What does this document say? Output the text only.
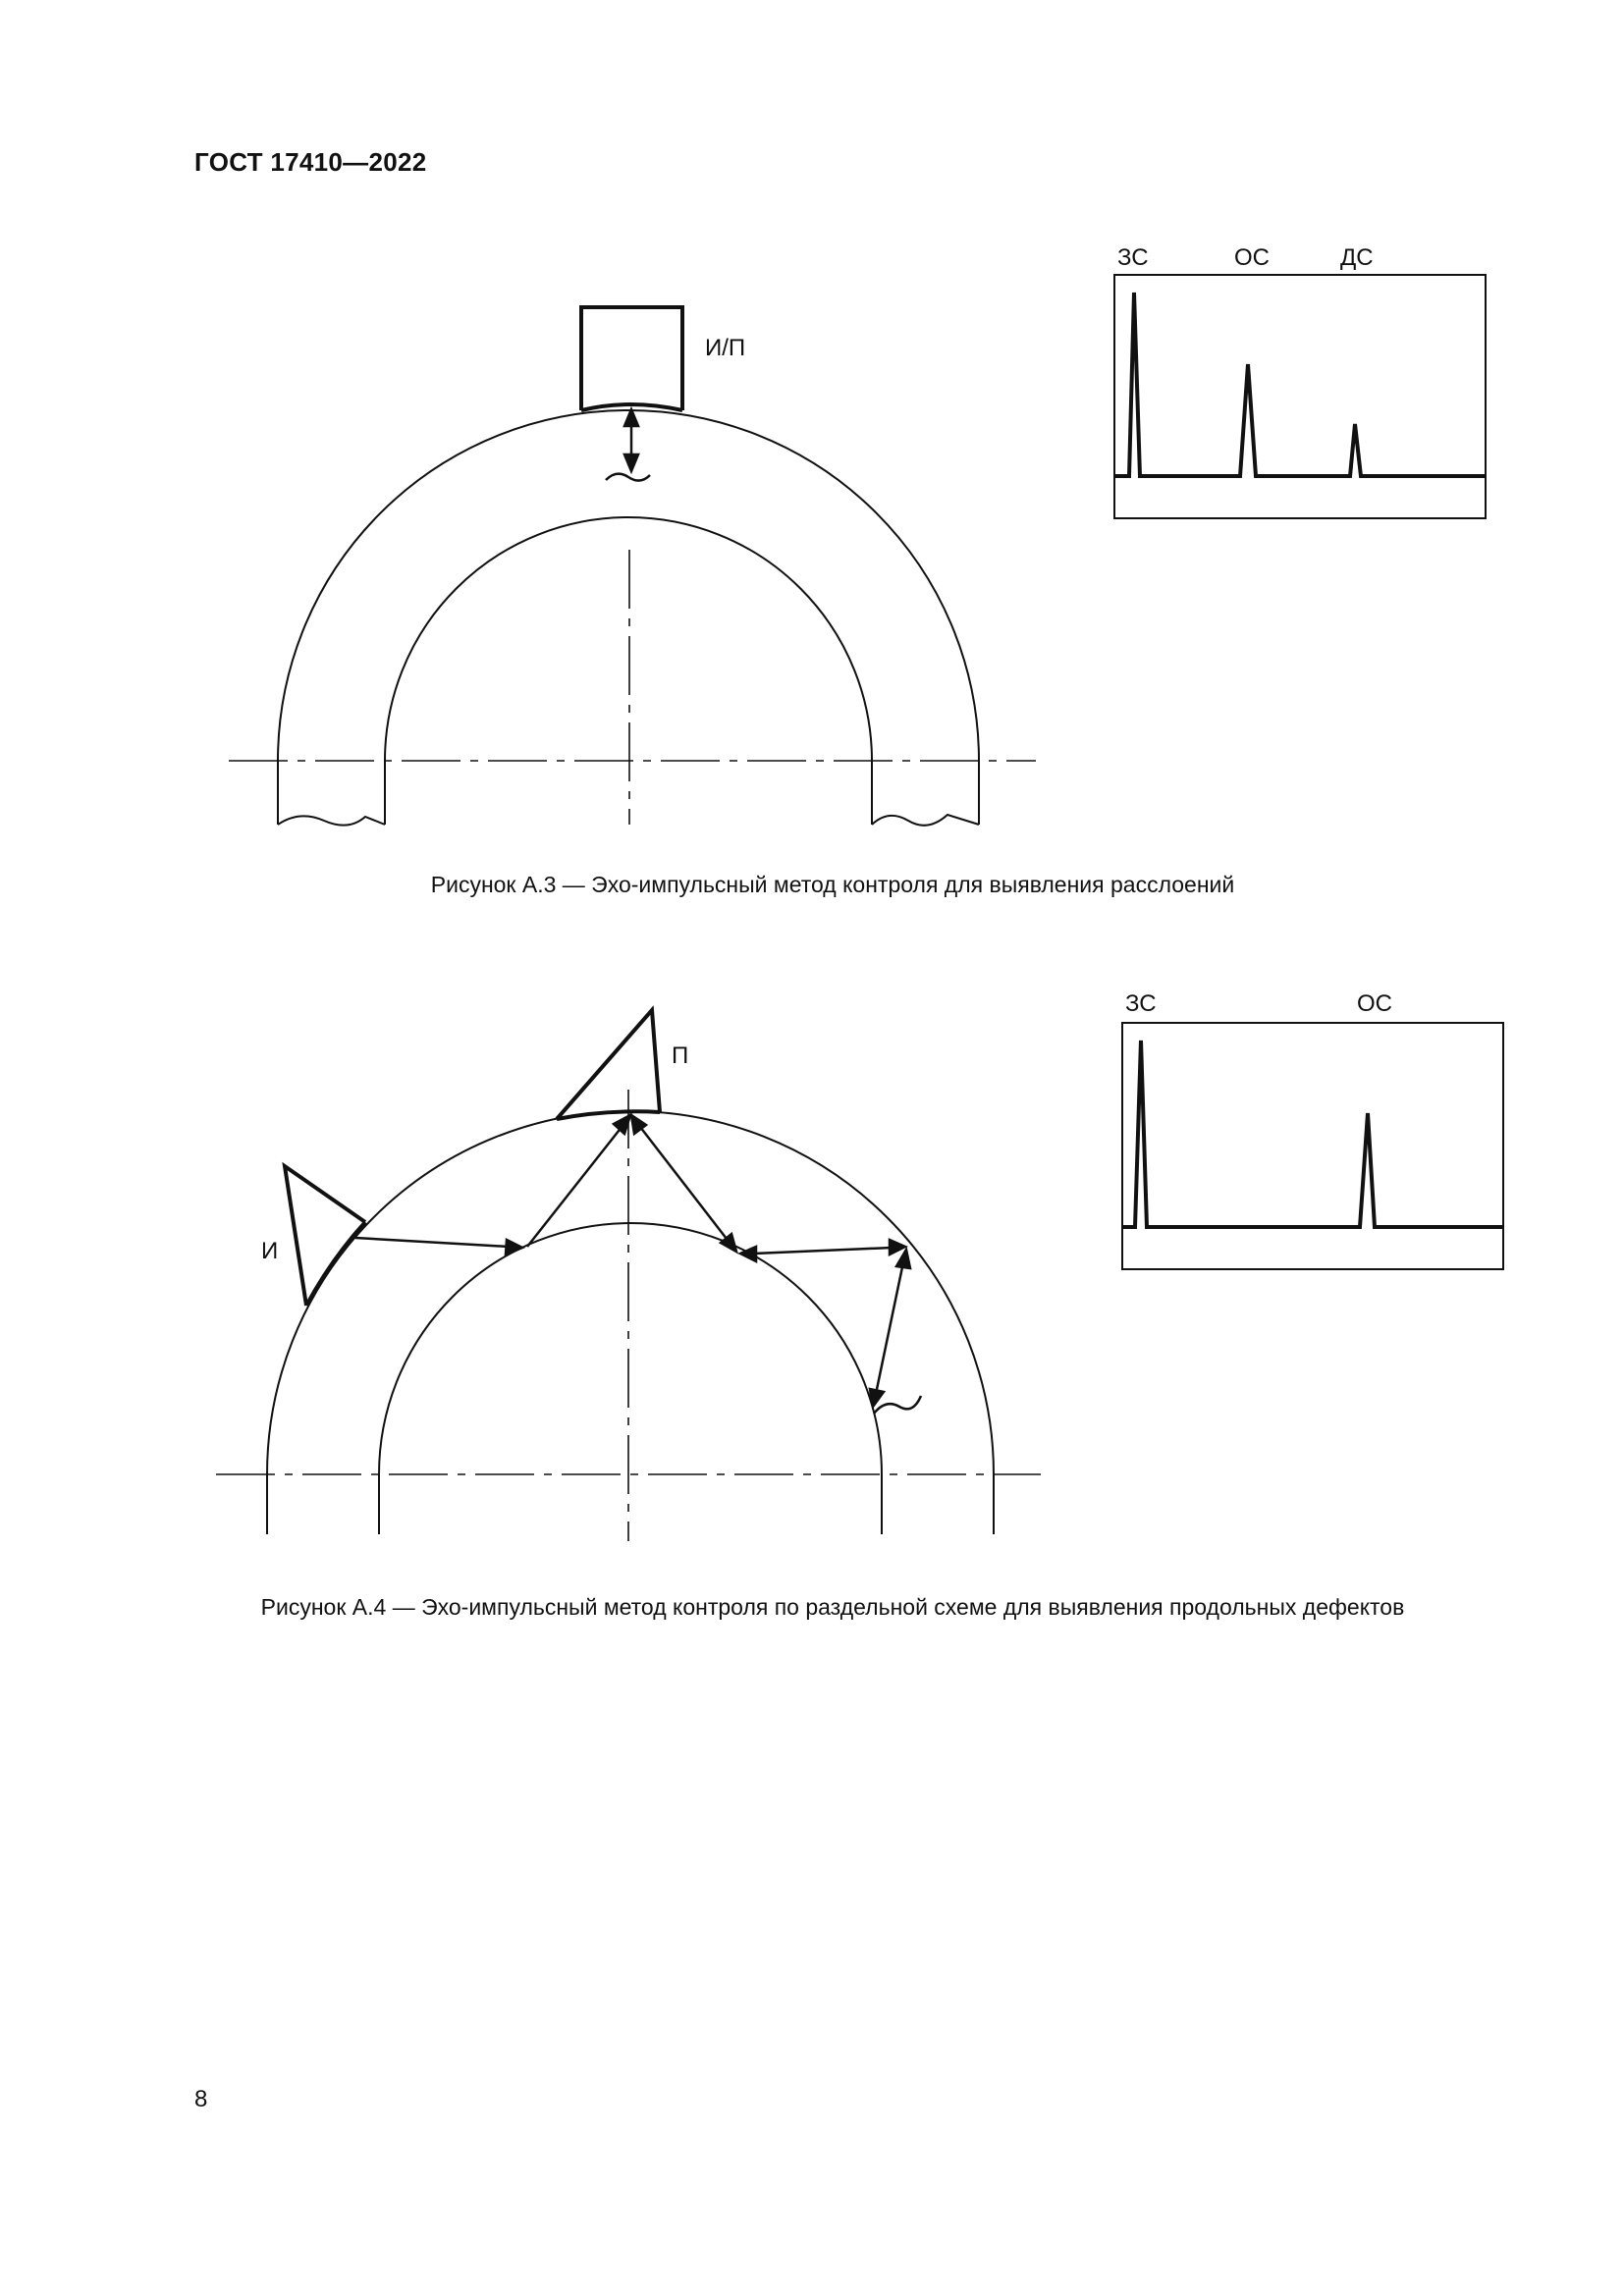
ГОСТ 17410—2022
И/П
ЗС	ОС	ДС
Рисунок А.3 — Эхо-импульсный метод контроля для выявления расслоений
И
П
ЗС	ОС
Рисунок А.4 — Эхо-импульсный метод контроля по раздельной схеме для выявления продольных дефектов
8
